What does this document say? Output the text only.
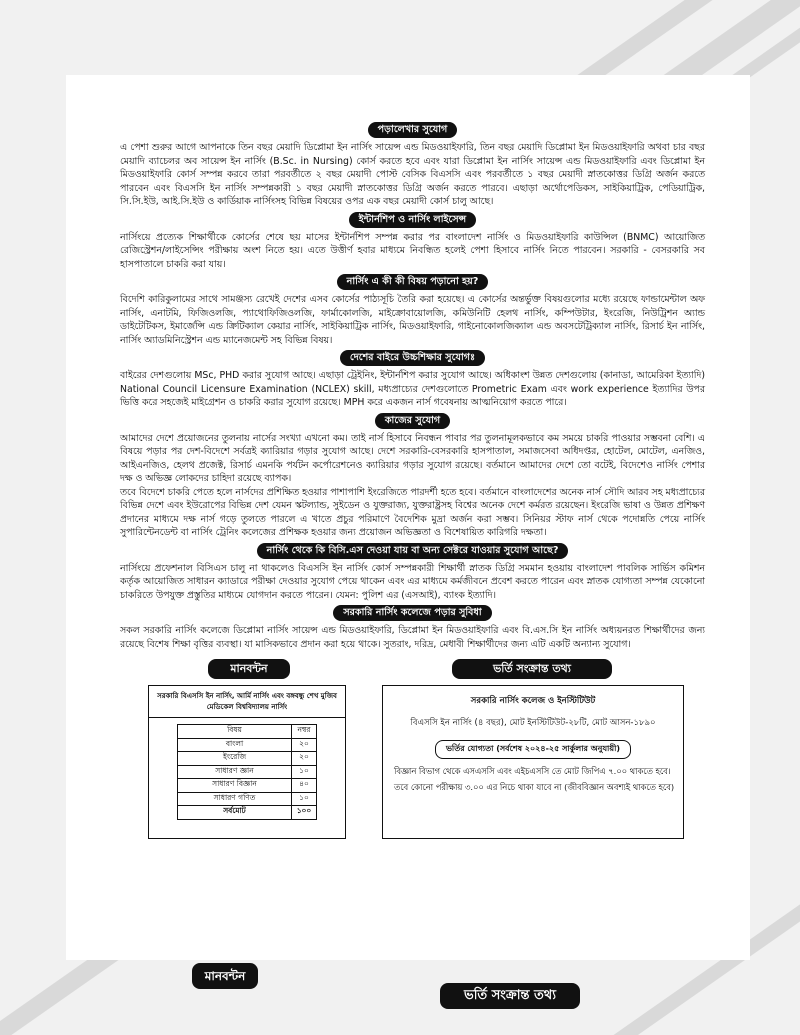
পড়ালেখার সুযোগ

এ পেশা শুরুর আগে আপনাকে তিন বছর মেয়াদি ডিপ্লোমা ইন নার্সিং সায়েন্স এন্ড মিডওয়াইফারি, তিন বছর মেয়াদি ডিপ্লোমা ইন মিডওয়াইফারি অথবা চার বছর মেয়াদি ব্যাচেলর অব সায়েন্স ইন নার্সিং (B.Sc. in Nursing) কোর্স করতে হবে এবং যারা ডিপ্লোমা ইন নার্সিং সায়েন্স এন্ড মিডওয়াইফারি এবং ডিপ্লোমা ইন মিডওয়াইফারি কোর্স সম্পন্ন করবে তারা পরবর্তীতে ২ বছর মেয়াদী পোস্ট বেসিক বিএসসি এবং পরবর্তীতে ১ বছর মেয়াদী স্নাতকোত্তর ডিগ্রি অর্জন করতে পারবেন এবং বিএসসি ইন নার্সিং সম্পন্নকারী ১ বছর মেয়াদী স্নাতকোত্তর ডিগ্রি অর্জন করতে পারবে। এছাড়া অর্থোপেডিকস, সাইকিয়াট্রিক, পেডিয়াট্রিক, সি.সি.ইউ, আই.সি.ইউ ও কার্ডিয়াক নার্সিংসহ বিভিন্ন বিষয়ের ওপর এক বছর মেয়াদী কোর্স চালু আছে।

ইন্টার্নশিপ ও নার্সিং লাইসেন্স

নার্সিংয়ে প্রত্যেক শিক্ষার্থীকে কোর্সের শেষে ছয় মাসের ইন্টার্নশিপ সম্পন্ন করার পর বাংলাদেশ নার্সিং ও মিডওয়াইফারি কাউন্সিল (BNMC) আয়োজিত রেজিস্ট্রেশন/লাইসেন্সিং পরীক্ষায় অংশ নিতে হয়। এতে উত্তীর্ণ হবার মাধ্যমে নিবন্ধিত হলেই পেশা হিসাবে নার্সিং নিতে পারবেন। সরকারি - বেসরকারি সব হাসপাতালে চাকরি করা যায়।

নার্সিং এ কী কী বিষয় পড়ানো হয়?

বিদেশি কারিকুলামের সাথে সামঞ্জস্য রেখেই দেশের এসব কোর্সের পাঠ্যসূচি তৈরি করা হয়েছে। এ কোর্সের অন্তর্ভুক্ত বিষয়গুলোর মধ্যে রয়েছে ফান্ডামেন্টাল অফ নার্সিং, এনাটমি, ফিজিওলজি, প্যাথোফিজিওলজি, ফার্মাকোলজি, মাইক্রোবায়োলজি, কমিউনিটি হেলথ নার্সিং, কম্পিউটার, ইংরেজি, নিউট্রিশন অ্যান্ড ডাইটেটিকস, ইমার্জেন্সি এন্ড ক্রিটিক্যাল কেয়ার নার্সিং, সাইকিয়াট্রিক নার্সিং, মিডওয়াইফারি, গাইনোকোলজিক্যাল এন্ড অবসটেট্রিক্যাল নার্সিং, রিসার্চ ইন নার্সিং, নার্সিং অ্যাডমিনিস্ট্রেশন এন্ড ম্যানেজমেন্ট সহ বিভিন্ন বিষয়।

দেশের বাইরে উচ্চশিক্ষার সুযোগঃ

বাইরের দেশগুলোয় MSc, PHD করার সুযোগ আছে। এছাড়া ট্রেইনিং, ইন্টার্নশিপ করার সুযোগ আছে। অধিকাংশ উন্নত দেশগুলোয় (কানাডা, আমেরিকা ইত্যাদি) National Council Licensure Examination (NCLEX) skill, মধ্যপ্রাচ্যের দেশগুলোতে Prometric Exam এবং work experience ইত্যাদির উপর ভিত্তি করে সহজেই মাইগ্রেশন ও চাকরি করার সুযোগ রয়েছে। MPH করে একজন নার্স গবেষনায় আত্মনিয়োগ করতে পারে।

কাজের সুযোগ

আমাদের দেশে প্রয়োজনের তুলনায় নার্সের সংখ্যা এখনো কম। তাই নার্স হিসাবে নিবন্ধন পাবার পর তুলনামূলকভাবে কম সময়ে চাকরি পাওয়ার সম্ভবনা বেশি। এ বিষয়ে পড়ার পর দেশ-বিদেশে সর্বত্রই ক্যারিয়ার গড়ার সুযোগ আছে। দেশে সরকারি-বেসরকারি হাসপাতাল, সমাজসেবা অধিদপ্তর, হোটেল, মোটেল, এনজিও, আইএনজিও, হেলথ প্রজেক্ট, রিসার্চ এমনকি পর্যটন কর্পোরেশনেও ক্যারিয়ার গড়ার সুযোগ রয়েছে। বর্তমানে আমাদের দেশে তো বটেই, বিদেশেও নার্সিং পেশার দক্ষ ও অভিজ্ঞ লোকদের চাহিদা রয়েছে ব্যাপক।

তবে বিদেশে চাকরি পেতে হলে নার্সদের প্রশিক্ষিত হওয়ার পাশাপাশি ইংরেজিতে পারদর্শী হতে হবে। বর্তমানে বাংলাদেশের অনেক নার্স সৌদি আরব সহ মধ্যপ্রাচ্যের বিভিন্ন দেশে এবং ইউরোপের বিভিন্ন দেশ যেমন স্কটল্যান্ড, সুইডেন ও যুক্তরাজ্য, যুক্তরাষ্ট্রসহ বিশ্বের অনেক দেশে কর্মরত রয়েছেন। ইংরেজি ভাষা ও উন্নত প্রশিক্ষণ প্রদানের মাধ্যমে দক্ষ নার্স গড়ে তুলতে পারলে এ খাতে প্রচুর পরিমাণে বৈদেশিক মুদ্রা অর্জন করা সম্ভব। সিনিয়র স্টাফ নার্স থেকে পদোন্নতি পেয়ে নার্সিং সুপারিন্টেনডেন্ট বা নার্সিং ট্রেনিং কলেজের প্রশিক্ষক হওয়ার জন্য প্রয়োজন অভিজ্ঞতা ও বিশেষায়িত কারিগরি দক্ষতা।

নার্সিং থেকে কি বিসি.এস দেওয়া যায় বা অন্য সেক্টরে যাওয়ার সুযোগ আছে?

নার্সিংয়ে প্রফেশনাল বিসিএস চালু না থাকলেও বিএসসি ইন নার্সিং কোর্স সম্পন্নকারী শিক্ষার্থী স্নাতক ডিগ্রি সমমান হওয়ায় বাংলাদেশ পাবলিক সার্ভিস কমিশন কর্তৃক আয়োজিত সাধারন ক্যাডারে পরীক্ষা দেওয়ার সুযোগ পেয়ে থাকেন এবং এর মাধ্যমে কর্মজীবনে প্রবেশ করতে পারেন এবং স্নাতক যোগ্যতা সম্পন্ন যেকোনো চাকরিতে উপযুক্ত প্রস্তুতির মাধ্যমে যোগদান করতে পারেন। যেমন: পুলিশ এর (এসআই), ব্যাংক ইত্যাদি।

সরকারি নার্সিং কলেজে পড়ার সুবিধা

সকল সরকারি নার্সিং কলেজে ডিপ্লোমা নার্সিং সায়েন্স এন্ড মিডওয়াইফারি, ডিপ্লোমা ইন মিডওয়াইফারি এবং বি.এস.সি ইন নার্সিং অধ্যয়নরত শিক্ষার্থীদের জন্য রয়েছে বিশেষ শিক্ষা বৃত্তির ব্যবস্থা। যা মাসিকভাবে প্রদান করা হয়ে থাকে। সুতরাং, দরিদ্র, মেধাবী শিক্ষার্থীদের জন্য এটি একটি অন্যান্য সুযোগ।

মানবন্টন
সরকারি বিএসসি ইন নার্সিং, আর্মি নার্সিং এবং বঙ্গবন্ধু শেখ মুজিব মেডিকেল বিশ্ববিদ্যালয় নার্সিং
বিষয়	নম্বর
বাংলা	২০
ইংরেজি	২০
সাধারণ জ্ঞান	১০
সাধারণ বিজ্ঞান	৪০
সাধারণ গণিত	১০
সর্বমোট	১০০
ভর্তি সংক্রান্ত তথ্য
সরকারি নার্সিং কলেজ ও ইনস্টিটিউট
বিএসসি ইন নার্সিং (৪ বছর), মোট ইনস্টিটিউট-২৮টি, মোট আসন-১৮৯০
ভর্তির যোগ্যতা (সর্বশেষ ২০২৪-২৫ সার্কুলার অনুযায়ী)
বিজ্ঞান বিভাগ থেকে এসএসসি এবং এইচএসসি তে মোট জিপিএ ৭.০০ থাকতে হবে।
তবে কোনো পরীক্ষায় ৩.০০ এর নিচে থাকা যাবে না (জীববিজ্ঞান অবশ্যই থাকতে হবে)
মানবন্টন
ভর্তি সংক্রান্ত তথ্য
